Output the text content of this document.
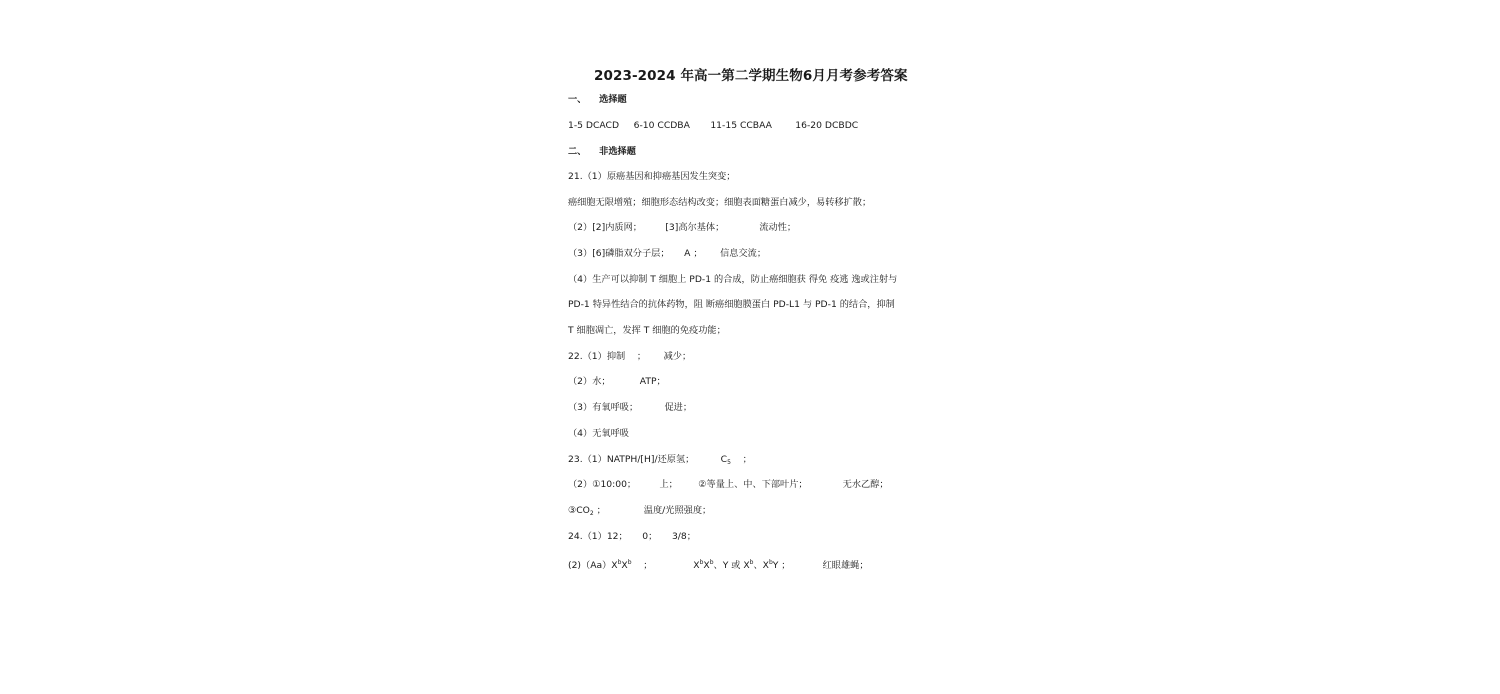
2023-2024 年高一第二学期生物6月月考参考答案
一、    选择题
1-5 DCACD     6-10 CCDBA       11-15 CCBAA        16-20 DCBDC
二、    非选择题
21.（1）原癌基因和抑癌基因发生突变；
癌细胞无限增殖；细胞形态结构改变；细胞表面糖蛋白减少，易转移扩散；
（2）[2]内质网；        [3]高尔基体；            流动性；
（3）[6]磷脂双分子层；     A ；      信息交流；
（4）生产可以抑制 T 细胞上 PD-1 的合成，防止癌细胞获 得免 疫逃 逸或注射与
PD-1 特异性结合的抗体药物，阻 断癌细胞膜蛋白 PD-L1 与 PD-1 的结合，抑制
T 细胞凋亡，发挥 T 细胞的免疫功能；
22.（1）抑制    ；      减少；
（2）水；          ATP；
（3）有氧呼吸；         促进；
（4）无氧呼吸
23.（1）NATPH/[H]/还原氢；         $C_5$    ；
（2）①10:00；        上；       ②等量上、中、下部叶片；            无水乙醇；
$③CO_2$ ；             温度/光照强度；
24.（1）12；     0；     3/8；
$(2)(Aa)X^bX^b$    ；              $X^bX^b$、Y 或 $X^b$、$X^bY$ ；           红眼雄蝇；
